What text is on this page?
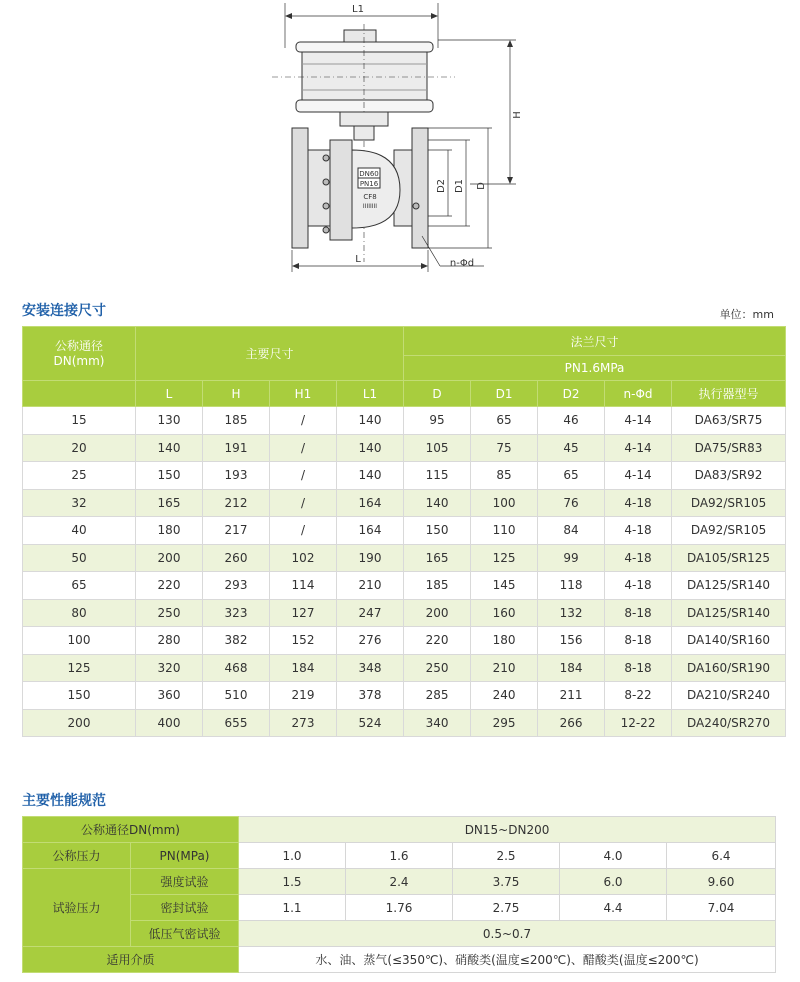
L1
H
D2 D1 D
L	n-Φd
DN60
PN16
CF8
IIIIIIII
安装连接尺寸	单位：mm
公称通径
DN(mm)	主要尺寸				法兰尺寸				
					PN1.6MPa				
	L	H	H1	L1	D	D1	D2	n-Φd	执行器型号
15	130	185	/	140	95	65	46	4-14	DA63/SR75
20	140	191	/	140	105	75	45	4-14	DA75/SR83
25	150	193	/	140	115	85	65	4-14	DA83/SR92
32	165	212	/	164	140	100	76	4-18	DA92/SR105
40	180	217	/	164	150	110	84	4-18	DA92/SR105
50	200	260	102	190	165	125	99	4-18	DA105/SR125
65	220	293	114	210	185	145	118	4-18	DA125/SR140
80	250	323	127	247	200	160	132	8-18	DA125/SR140
100	280	382	152	276	220	180	156	8-18	DA140/SR160
125	320	468	184	348	250	210	184	8-18	DA160/SR190
150	360	510	219	378	285	240	211	8-22	DA210/SR240
200	400	655	273	524	340	295	266	12-22	DA240/SR270
主要性能规范
公称通径DN(mm)		DN15~DN200				
公称压力	PN(MPa)	1.0	1.6	2.5	4.0	6.4
试验压力	强度试验	1.5	2.4	3.75	6.0	9.60
	密封试验	1.1	1.76	2.75	4.4	7.04
	低压气密试验	0.5~0.7				
适用介质		水、油、蒸气(≤350℃)、硝酸类(温度≤200℃)、醋酸类(温度≤200℃)				
